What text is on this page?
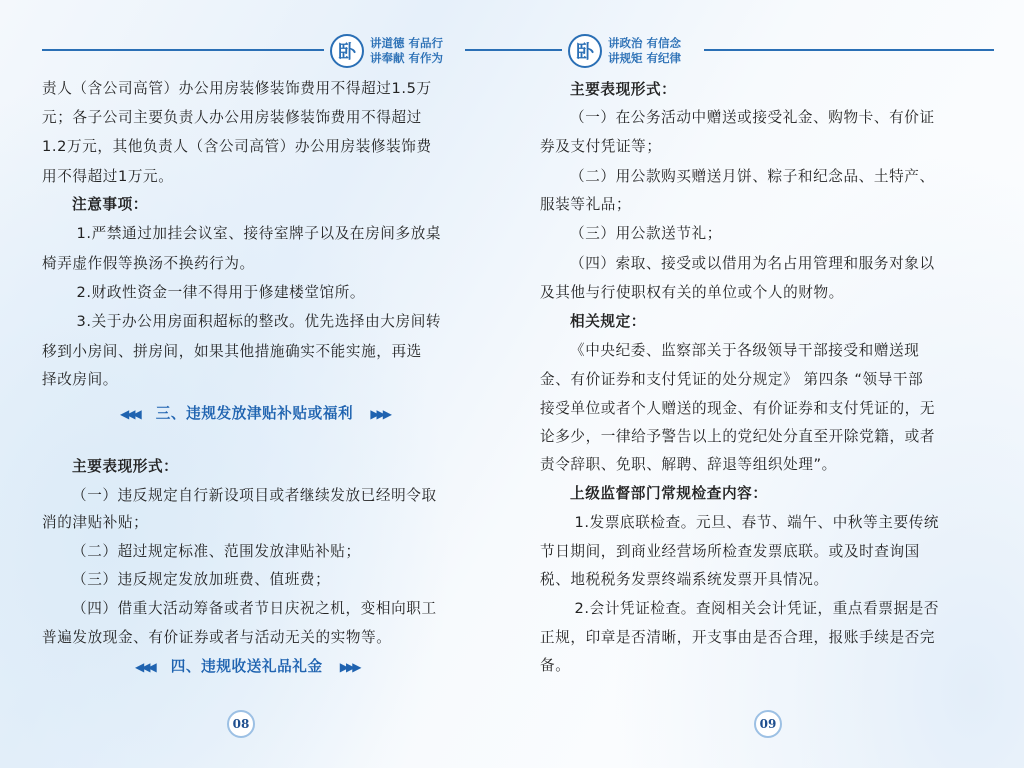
卧	讲道德 有品行
讲奉献 有作为
责人（含公司高管）办公用房装修装饰费用不得超过1.5万
元；各子公司主要负责人办公用房装修装饰费用不得超过
1.2万元，其他负责人（含公司高管）办公用房装修装饰费
用不得超过1万元。
注意事项：
1.严禁通过加挂会议室、接待室牌子以及在房间多放桌
椅弄虚作假等换汤不换药行为。
2.财政性资金一律不得用于修建楼堂馆所。
3.关于办公用房面积超标的整改。优先选择由大房间转
移到小房间、拼房间，如果其他措施确实不能实施，再选
择改房间。
主要表现形式：
（一）违反规定自行新设项目或者继续发放已经明令取
消的津贴补贴；
（二）超过规定标准、范围发放津贴补贴；
（三）违反规定发放加班费、值班费；
（四）借重大活动筹备或者节日庆祝之机，变相向职工
普遍发放现金、有价证券或者与活动无关的实物等。
◀◀◀ 三、违规发放津贴补贴或福利 ▶▶▶
◀◀◀ 四、违规收送礼品礼金 ▶▶▶
08
卧	讲政治 有信念
讲规矩 有纪律
主要表现形式：
（一）在公务活动中赠送或接受礼金、购物卡、有价证
券及支付凭证等；
（二）用公款购买赠送月饼、粽子和纪念品、土特产、
服装等礼品；
（三）用公款送节礼；
（四）索取、接受或以借用为名占用管理和服务对象以
及其他与行使职权有关的单位或个人的财物。
相关规定：
《中央纪委、监察部关于各级领导干部接受和赠送现
金、有价证券和支付凭证的处分规定》 第四条 “领导干部
接受单位或者个人赠送的现金、有价证券和支付凭证的，无
论多少，一律给予警告以上的党纪处分直至开除党籍，或者
责令辞职、免职、解聘、辞退等组织处理”。
上级监督部门常规检查内容：
1.发票底联检查。元旦、春节、端午、中秋等主要传统
节日期间，到商业经营场所检查发票底联。或及时查询国
税、地税税务发票终端系统发票开具情况。
2.会计凭证检查。查阅相关会计凭证，重点看票据是否
正规，印章是否清晰，开支事由是否合理，报账手续是否完
备。
09
